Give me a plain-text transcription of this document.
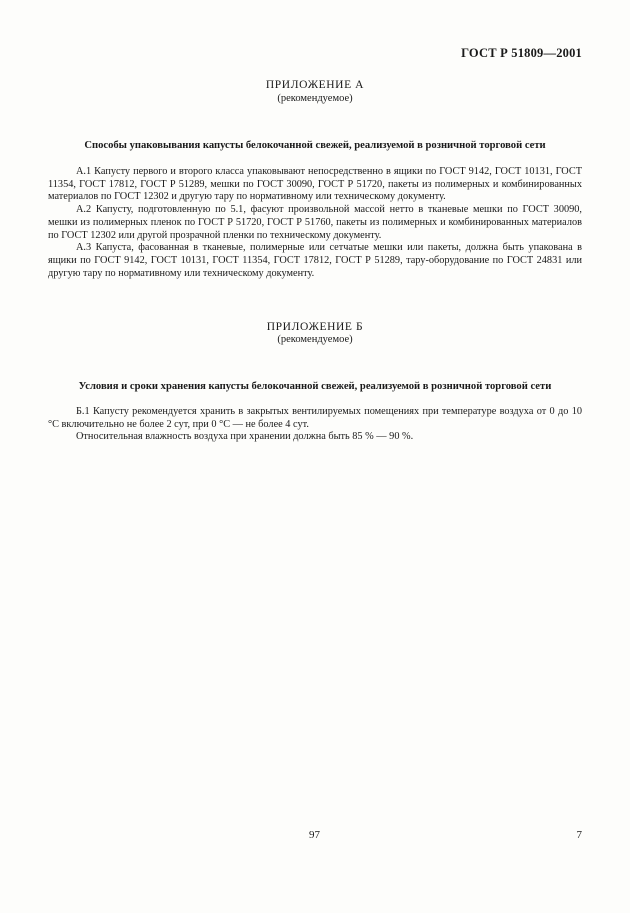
ГОСТ Р 51809—2001
ПРИЛОЖЕНИЕ А
(рекомендуемое)
Способы упаковывания капусты белокочанной свежей, реализуемой в розничной торговой сети

А.1 Капусту первого и второго класса упаковывают непосредственно в ящики по ГОСТ 9142, ГОСТ 10131, ГОСТ 11354, ГОСТ 17812, ГОСТ Р 51289, мешки по ГОСТ 30090, ГОСТ Р 51720, пакеты из полимерных и комбинированных материалов по ГОСТ 12302 и другую тару по нормативному или техническому документу.

А.2 Капусту, подготовленную по 5.1, фасуют произвольной массой нетто в тканевые мешки по ГОСТ 30090, мешки из полимерных пленок по ГОСТ Р 51720, ГОСТ Р 51760, пакеты из полимерных и комбинированных материалов по ГОСТ 12302 или другой прозрачной пленки по техническому документу.

А.3 Капуста, фасованная в тканевые, полимерные или сетчатые мешки или пакеты, должна быть упакована в ящики по ГОСТ 9142, ГОСТ 10131, ГОСТ 11354, ГОСТ 17812, ГОСТ Р 51289, тару-оборудование по ГОСТ 24831 или другую тару по нормативному или техническому документу.

ПРИЛОЖЕНИЕ Б
(рекомендуемое)
Условия и сроки хранения капусты белокочанной свежей, реализуемой в розничной торговой сети

Б.1 Капусту рекомендуется хранить в закрытых вентилируемых помещениях при температуре воздуха от 0 до 10 °С включительно не более 2 сут, при 0 °С — не более 4 сут.

Относительная влажность воздуха при хранении должна быть 85 % — 90 %.

97	7
